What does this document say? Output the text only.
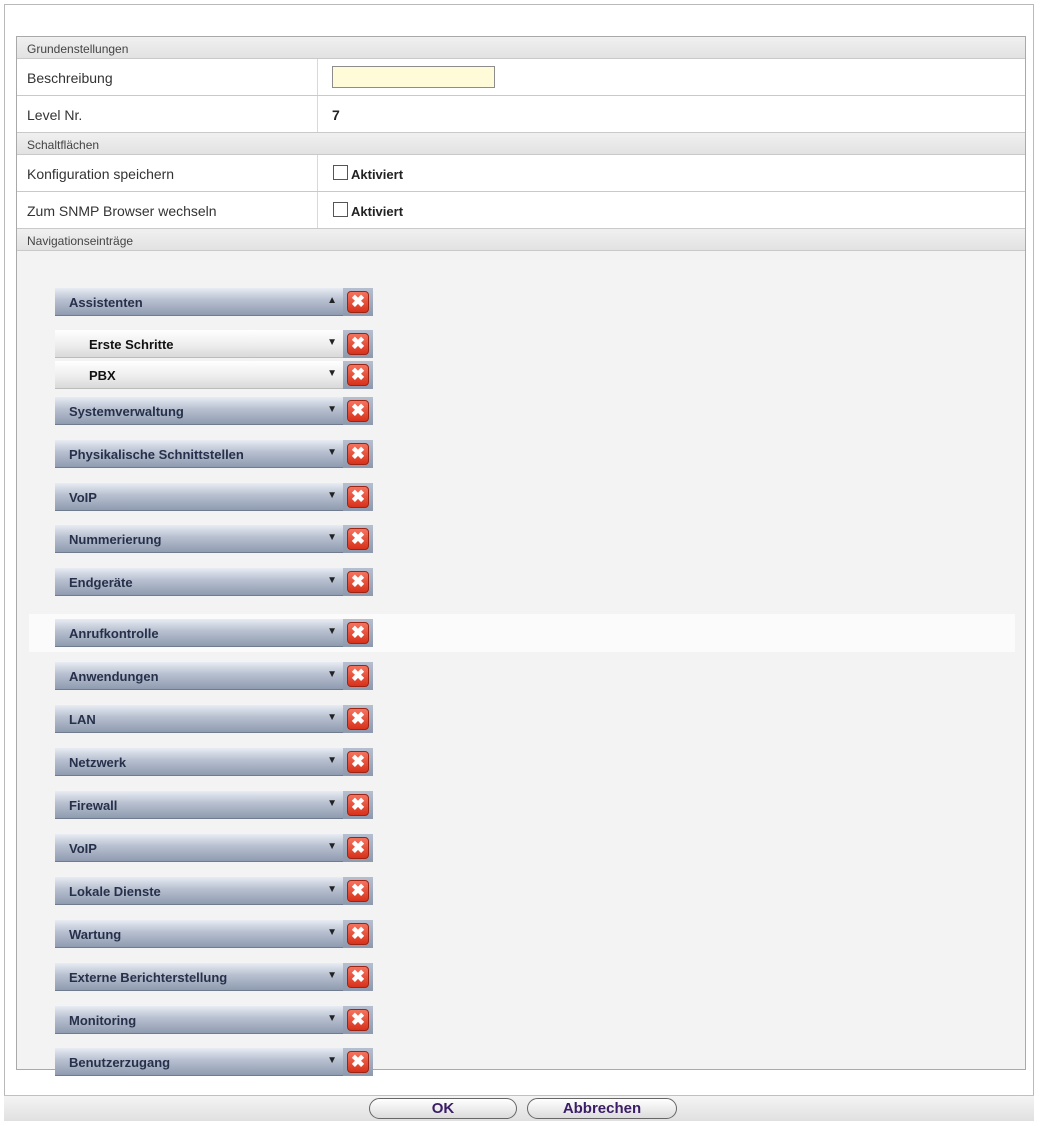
Grundenstellungen
Beschreibung
Level Nr.	7
Schaltflächen
Konfiguration speichern	Aktiviert
Zum SNMP Browser wechseln	Aktiviert
Navigationseinträge
Assistenten	▲ ✖
Erste Schritte	▼ ✖
PBX	▼ ✖
Systemverwaltung	▼ ✖
Physikalische Schnittstellen	▼ ✖
VoIP	▼ ✖
Nummerierung	▼ ✖
Endgeräte	▼ ✖
Anrufkontrolle	▼ ✖
Anwendungen	▼ ✖
LAN	▼ ✖
Netzwerk	▼ ✖
Firewall	▼ ✖
VoIP	▼ ✖
Lokale Dienste	▼ ✖
Wartung	▼ ✖
Externe Berichterstellung	▼ ✖
Monitoring	▼ ✖
Benutzerzugang	▼ ✖
OK	Abbrechen
